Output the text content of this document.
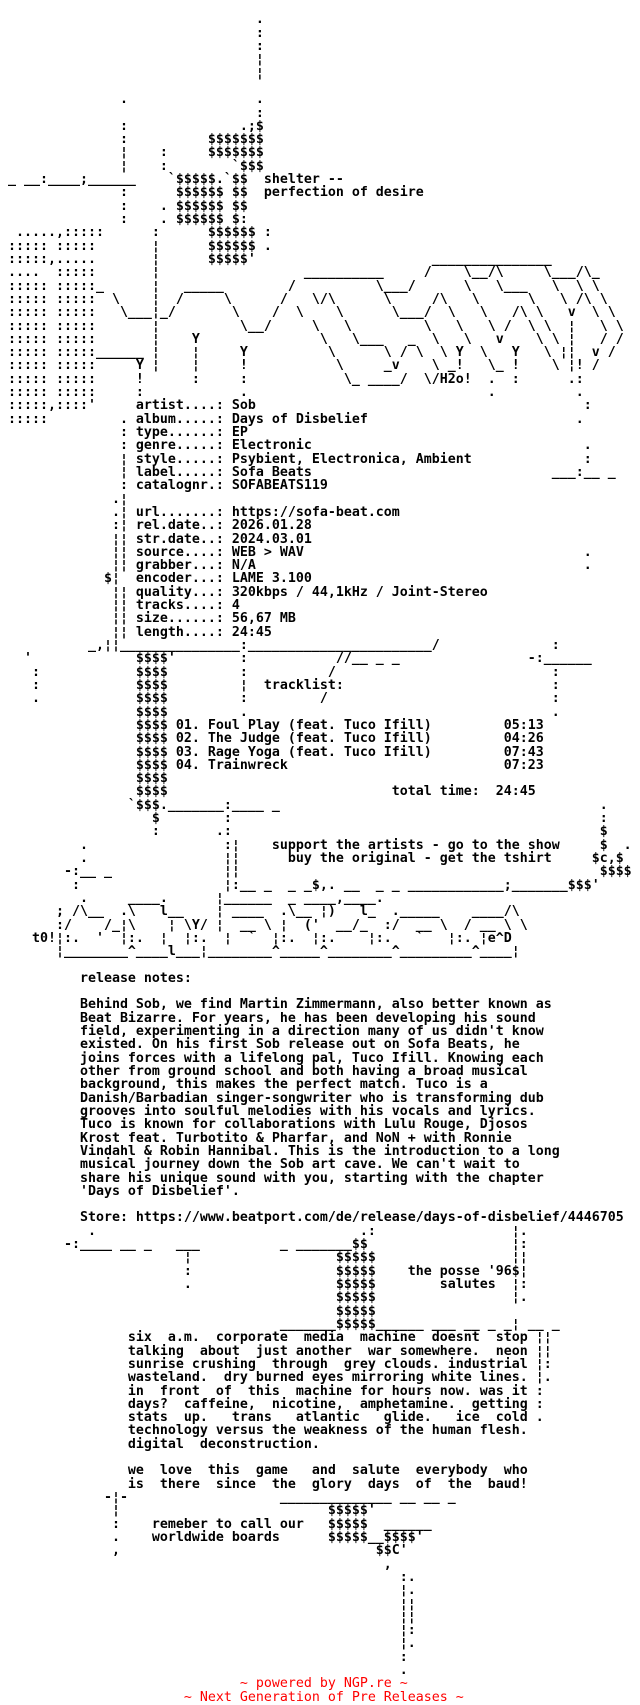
.
:
:
¦
¦

.                .
:
:              .;$
:          $$$$$$$
¦    :     $$$$$$$
¦    :        `$$$
_ __:____;______    `$$$$$.`$$  shelter --
:      $$$$$$ $$  perfection of desire
:    . $$$$$$ $$
:    . $$$$$$ $:
.....,:::::      :      $$$$$$ :
::::: :::::       ¦      $$$$$$ .
:::::,.....       ¦      $$$$$'                      _______________
....  :::::       ¦                  __________     /    \__/\     \___/\_
::::: :::::_      ¦   _____        /          \___/      \   \___   \  \ \
::::: :::::  \    ¦  /     \      /   \/\      \     /\   \      \   \ /\ \
::::: :::::   \___¦_/       \    /  \    \      \___/  \   \   /\ \   v  \ \
::::: :::::       ¦          \__/     \   \         \   \   \ /  \ \  ¦   \ \
::::: :::::       ¦    Y               \   \___   _  \   \   v    \ \ ¦   / /
::::: :::::______ ¦    ¦     Y          \      \ / \  \ Y  \   Y   \ ¦¦  v /
::::: :::::     Y ¦    ¦     !           \     _v    \ _!   \_ !    \ ¦! /
::::: :::::     !      :     :            \_ ____/  \/H2o!  .  :      .:
::::: :::::     :            .                              .          .
:::::,::::'     artist....: Sob                                         :
:::::         . album.....: Days of Disbelief                          .
: type......: EP
: genre.....: Electronic                                  .
¦ style.....: Psybient, Electronica, Ambient              :
¦ label.....: Sofa Beats                              ___:__ _
: catalognr.: SOFABEATS119
.¦
.¦ url.......: https://sofa-beat.com
:¦ rel.date..: 2026.01.28
¦¦ str.date..: 2024.03.01
¦¦ source....: WEB > WAV                                   .
¦¦ grabber...: N/A                                         .
$¦  encoder...: LAME 3.100
¦¦ quality...: 320kbps / 44,1kHz / Joint-Stereo
¦¦ tracks....: 4
¦¦ size......: 56,67 MB
¦¦ length....: 24:45
_,¦¦_______________:_______________________/              :
'             $$$$'        :           //__ _ _                -:______
:            $$$$         :          /                           :
:            $$$$         ¦  tracklist:                          :
.            $$$$         :         /                            :
$$$$         .                                      .
$$$$ 01. Foul Play (feat. Tuco Ifill)         05:13
$$$$ 02. The Judge (feat. Tuco Ifill)         04:26
$$$$ 03. Rage Yoga (feat. Tuco Ifill)         07:43
$$$$ 04. Trainwreck                           07:23
$$$$
$$$$                            total time:  24:45
`$$$._______:____ _                                        .
$        :                                              :
:       .:                                              $
.                 :¦    support the artists - go to the show     $  .
.                 ¦¦      buy the original - get the tshirt     $c,$
-:__ _              ¦¦                                             $$$$
:                  ¦:__ _  _ _$,. __  _ _ ____________;_______$$$'
.     ____.      ¦______  _ ____,____.
; /\__  .\   l__    ¦ ____  .\__ ¦)   l_  ._____    ____/\
:/    /_¦\    ¦ \Y/ ¦  __ \ ¦  ('  __/_  :/  __ \  / __ \ \
t0!¦:.  '  ¦:.  ¦  ¦:.  ¦  `  ¦:.  ¦:.    ¦:.   `   ¦:. ¦e^D
¦________^____l___¦________^_____^________^_________^____¦

release notes:

Behind Sob, we find Martin Zimmermann, also better known as
Beat Bizarre. For years, he has been developing his sound
field, experimenting in a direction many of us didn't know
existed. On his first Sob release out on Sofa Beats, he
joins forces with a lifelong pal, Tuco Ifill. Knowing each
other from ground school and both having a broad musical
background, this makes the perfect match. Tuco is a
Danish/Barbadian singer-songwriter who is transforming dub
grooves into soulful melodies with his vocals and lyrics.
Tuco is known for collaborations with Lulu Rouge, Djosos
Krost feat. Turbotito & Pharfar, and NoN + with Ronnie
Vindahl & Robin Hannibal. This is the introduction to a long
musical journey down the Sob art cave. We can't wait to
share his unique sound with you, starting with the chapter
'Days of Disbelief'.

Store: https://www.beatport.com/de/release/days-of-disbelief/4446705
.                                 .:                 ¦.
-:____ __ _   ___          _ _______$$                  ¦:
¦                  $$$$$                 ¦¦
:                  $$$$$    the posse '96$¦
.                  $$$$$        salutes  ¦:
$$$$$                 ¦.
$$$$$
_______$$$$$______ ___ __ _ _¦ __ _
six  a.m.  corporate  media  machine  doesnt  stop ¦¦
talking  about  just another  war somewhere.  neon ¦¦
sunrise crushing  through  grey clouds. industrial ¦:
wasteland.  dry burned eyes mirroring white lines. ¦.
in  front  of  this  machine for hours now. was it :
days?  caffeine,  nicotine,  amphetamine.  getting :
stats  up.   trans   atlantic   glide.   ice  cold .
technology versus the weakness of the human flesh.
digital  deconstruction.

we  love  this  game   and  salute  everybody  who
is  there  since  the  glory  days  of  the  baud!
-¦-                   ______________ __ __ _
¦                          $$$$$'
:    remeber to call our   $$$$$  ______
.    worldwide boards      $$$$$__$$$$'
,                                $$C'
,
:.
¦.
¦¦
¦¦
¦:
¦.
:
.
~ powered by NGP.re ~
~ Next Generation of Pre Releases ~
